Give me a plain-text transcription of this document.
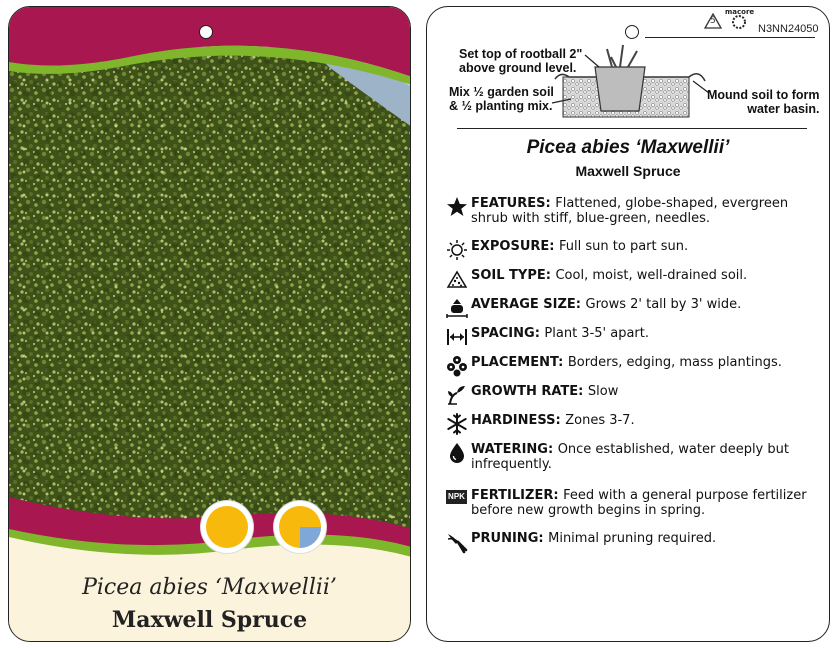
Picea abies ‘Maxwellii’
Maxwell Spruce
5
macore
N3NN24050
Set top of rootball 2"
above ground level.
Mix ½ garden soil
& ½ planting mix.
Mound soil to form
water basin.
Picea abies ‘Maxwellii’
Maxwell Spruce
FEATURES: Flattened, globe-shaped, evergreen shrub with stiff, blue-green, needles.
EXPOSURE: Full sun to part sun.
SOIL TYPE: Cool, moist, well-drained soil.
AVERAGE SIZE: Grows 2' tall by 3' wide.
SPACING: Plant 3-5' apart.
PLACEMENT: Borders, edging, mass plantings.
GROWTH RATE: Slow
HARDINESS: Zones 3-7.
WATERING: Once established, water deeply but infrequently.
NPK FERTILIZER: Feed with a general purpose fertilizer before new growth begins in spring.
PRUNING: Minimal pruning required.
